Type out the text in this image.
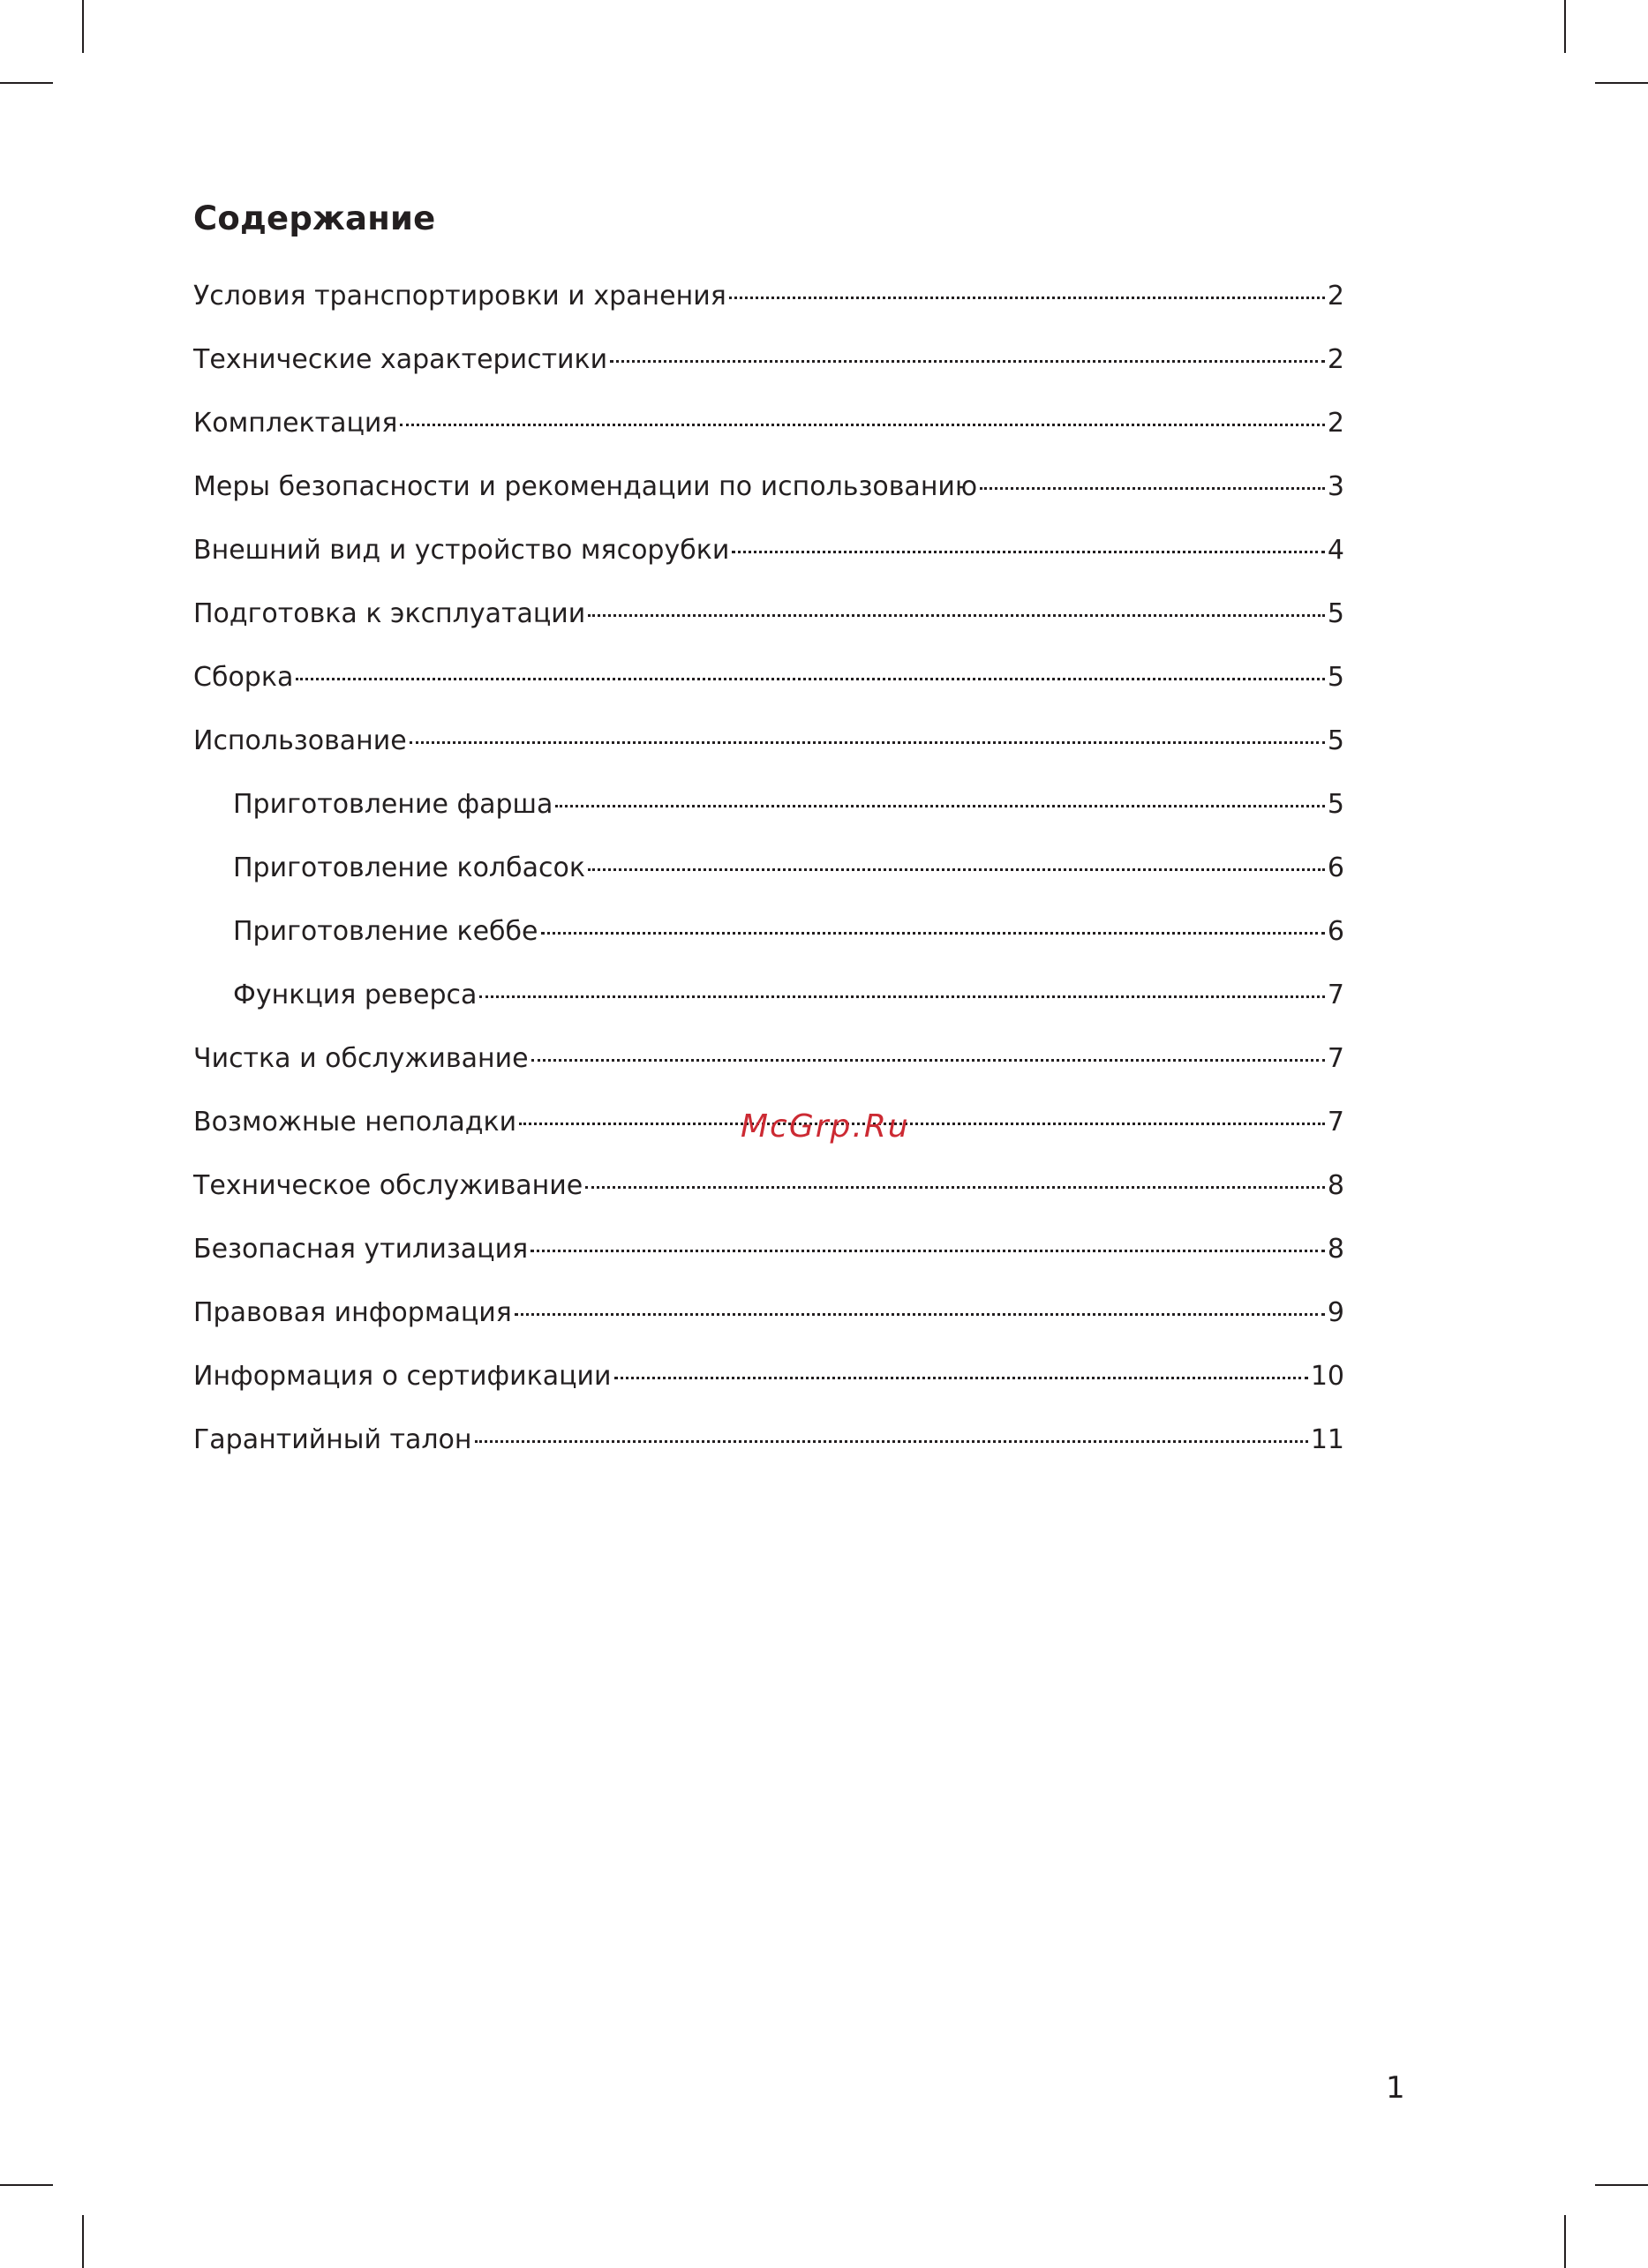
Содержание
Условия транспортировки и хранения	2
Технические характеристики	2
Комплектация	2
Меры безопасности и рекомендации по использованию	3
Внешний вид и устройство мясорубки	4
Подготовка к эксплуатации	5
Сборка	5
Использование	5
Приготовление фарша	5
Приготовление колбасок	6
Приготовление кеббе	6
Функция реверса	7
Чистка и обслуживание	7
Возможные неполадки	7
Техническое обслуживание	8
Безопасная утилизация	8
Правовая информация	9
Информация о сертификации	10
Гарантийный талон	11
McGrp.Ru
1
